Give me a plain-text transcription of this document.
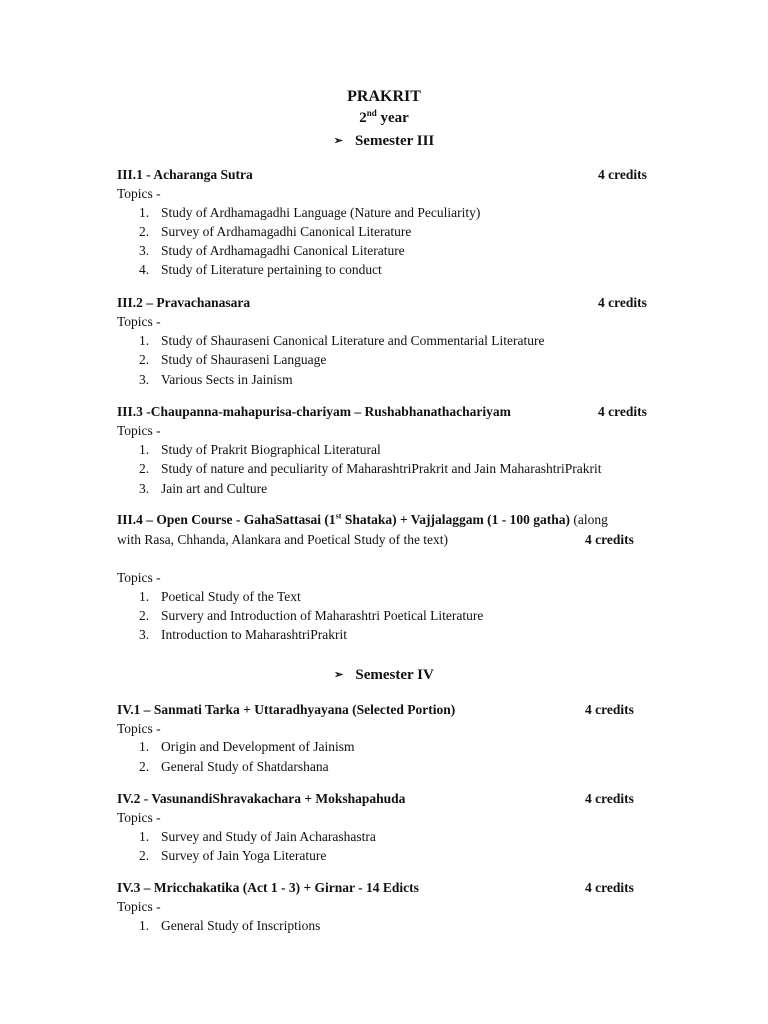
PRAKRIT
2nd year
➢ Semester III
III.1 - Acharanga Sutra	4 credits
Topics -
1. Study of Ardhamagadhi Language (Nature and Peculiarity)
2. Survey of Ardhamagadhi Canonical Literature
3. Study of Ardhamagadhi Canonical Literature
4. Study of Literature pertaining to conduct
III.2 – Pravachanasara	4 credits
Topics -
1. Study of Shauraseni Canonical Literature and Commentarial Literature
2. Study of Shauraseni Language
3. Various Sects in Jainism
III.3 -Chaupanna-mahapurisa-chariyam – Rushabhanathachariyam	4 credits
Topics -
1. Study of Prakrit Biographical Literatural
2. Study of nature and peculiarity of MaharashtriPrakrit and Jain MaharashtriPrakrit
3. Jain art and Culture
III.4 – Open Course - GahaSattasai (1st Shataka) + Vajjalaggam (1 - 100 gatha) (along
with Rasa, Chhanda, Alankara and Poetical Study of the text)	4 credits
Topics -
1. Poetical Study of the Text
2. Survery and Introduction of Maharashtri Poetical Literature
3. Introduction to MaharashtriPrakrit
➢ Semester IV
IV.1 – Sanmati Tarka + Uttaradhyayana (Selected Portion)	4 credits
Topics -
1. Origin and Development of Jainism
2. General Study of Shatdarshana
IV.2 - VasunandiShravakachara + Mokshapahuda	4 credits
Topics -
1. Survey and Study of Jain Acharashastra
2. Survey of Jain Yoga Literature
IV.3 – Mricchakatika (Act 1 - 3) + Girnar - 14 Edicts	4 credits
Topics -
1. General Study of Inscriptions
